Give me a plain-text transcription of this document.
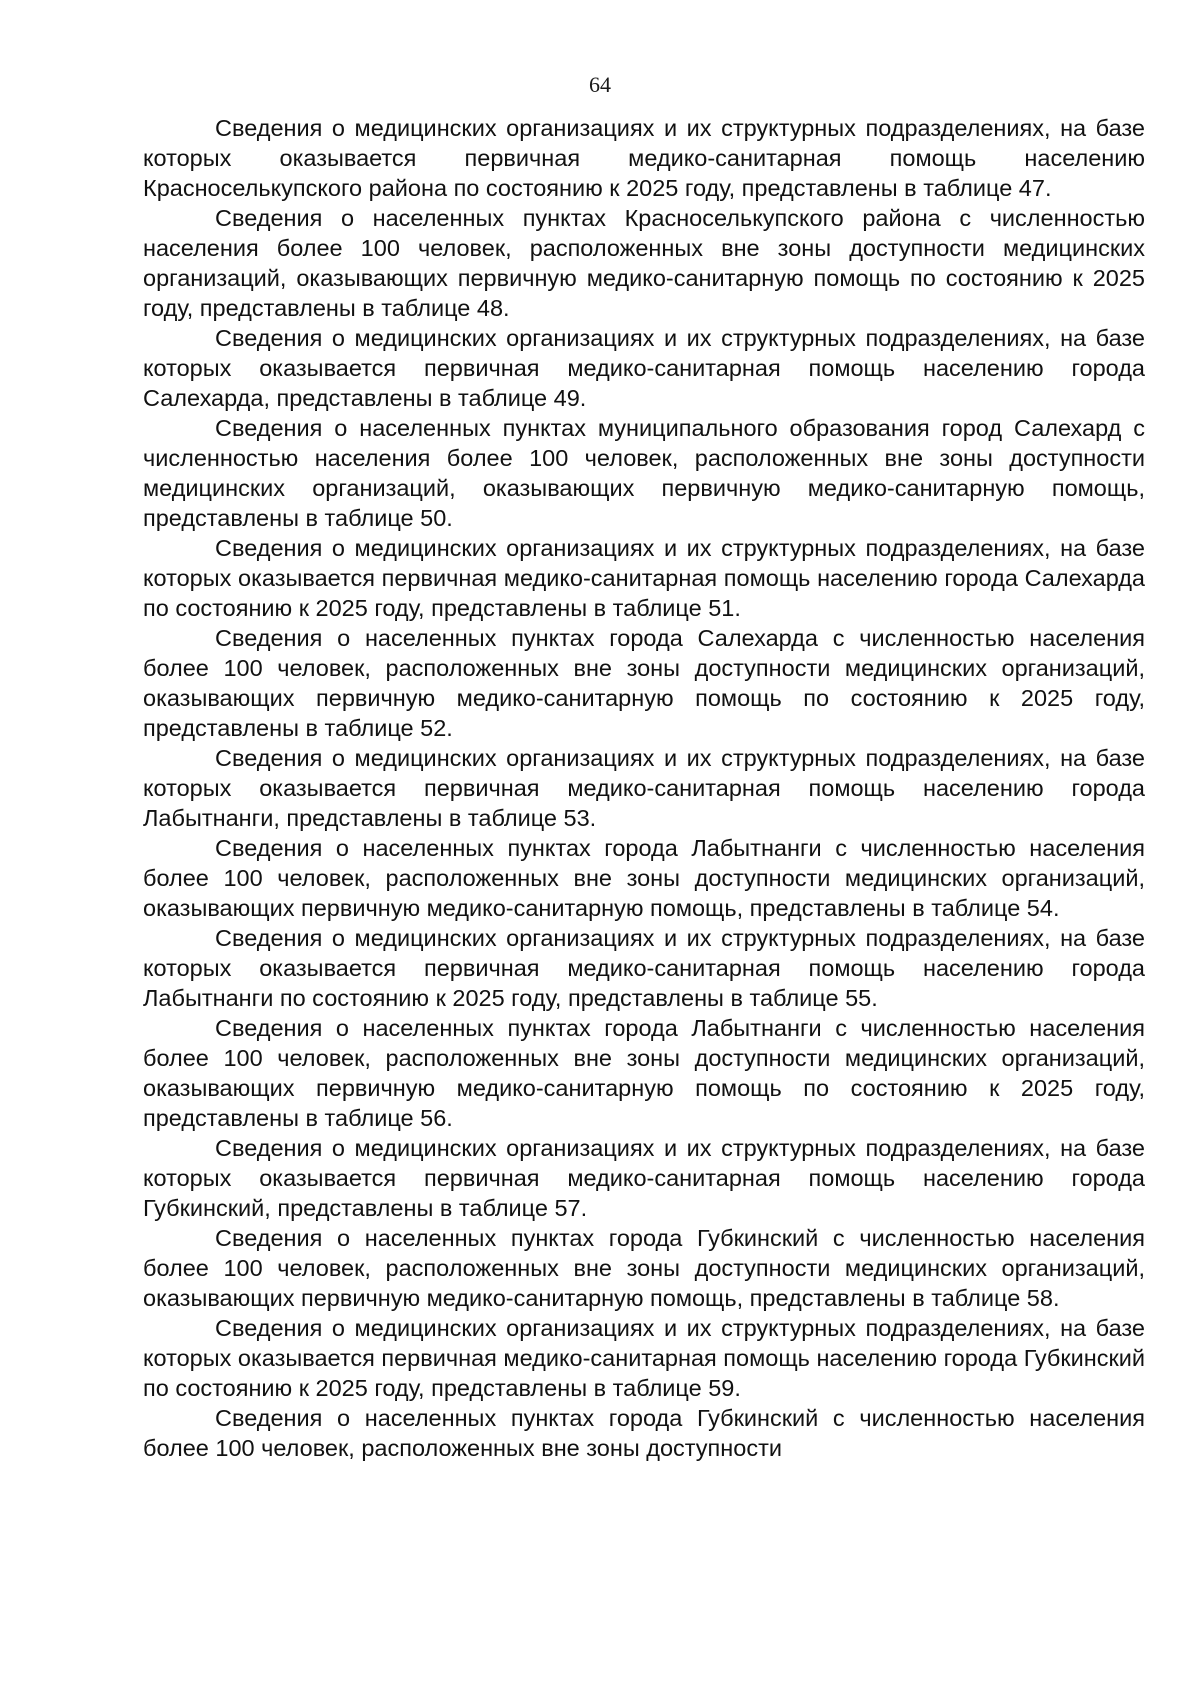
64

Сведения о медицинских организациях и их структурных подразделениях, на базе которых оказывается первичная медико-санитарная помощь населению Красноселькупского района по состоянию к 2025 году, представлены в таблице 47.

Сведения о населенных пунктах Красноселькупского района с численностью населения более 100 человек, расположенных вне зоны доступности медицинских организаций, оказывающих первичную медико-санитарную помощь по состоянию к 2025 году, представлены в таблице 48.

Сведения о медицинских организациях и их структурных подразделениях, на базе которых оказывается первичная медико-санитарная помощь населению города Салехарда, представлены в таблице 49.

Сведения о населенных пунктах муниципального образования город Салехард с численностью населения более 100 человек, расположенных вне зоны доступности медицинских организаций, оказывающих первичную медико-санитарную помощь, представлены в таблице 50.

Сведения о медицинских организациях и их структурных подразделениях, на базе которых оказывается первичная медико-санитарная помощь населению города Салехарда по состоянию к 2025 году, представлены в таблице 51.

Сведения о населенных пунктах города Салехарда с численностью населения более 100 человек, расположенных вне зоны доступности медицинских организаций, оказывающих первичную медико-санитарную помощь по состоянию к 2025 году, представлены в таблице 52.

Сведения о медицинских организациях и их структурных подразделениях, на базе которых оказывается первичная медико-санитарная помощь населению города Лабытнанги, представлены в таблице 53.

Сведения о населенных пунктах города Лабытнанги с численностью населения более 100 человек, расположенных вне зоны доступности медицинских организаций, оказывающих первичную медико-санитарную помощь, представлены в таблице 54.

Сведения о медицинских организациях и их структурных подразделениях, на базе которых оказывается первичная медико-санитарная помощь населению города Лабытнанги по состоянию к 2025 году, представлены в таблице 55.

Сведения о населенных пунктах города Лабытнанги с численностью населения более 100 человек, расположенных вне зоны доступности медицинских организаций, оказывающих первичную медико-санитарную помощь по состоянию к 2025 году, представлены в таблице 56.

Сведения о медицинских организациях и их структурных подразделениях, на базе которых оказывается первичная медико-санитарная помощь населению города Губкинский, представлены в таблице 57.

Сведения о населенных пунктах города Губкинский с численностью населения более 100 человек, расположенных вне зоны доступности медицинских организаций, оказывающих первичную медико-санитарную помощь, представлены в таблице 58.

Сведения о медицинских организациях и их структурных подразделениях, на базе которых оказывается первичная медико-санитарная помощь населению города Губкинский по состоянию к 2025 году, представлены в таблице 59.

Сведения о населенных пунктах города Губкинский с численностью населения более 100 человек, расположенных вне зоны доступности
